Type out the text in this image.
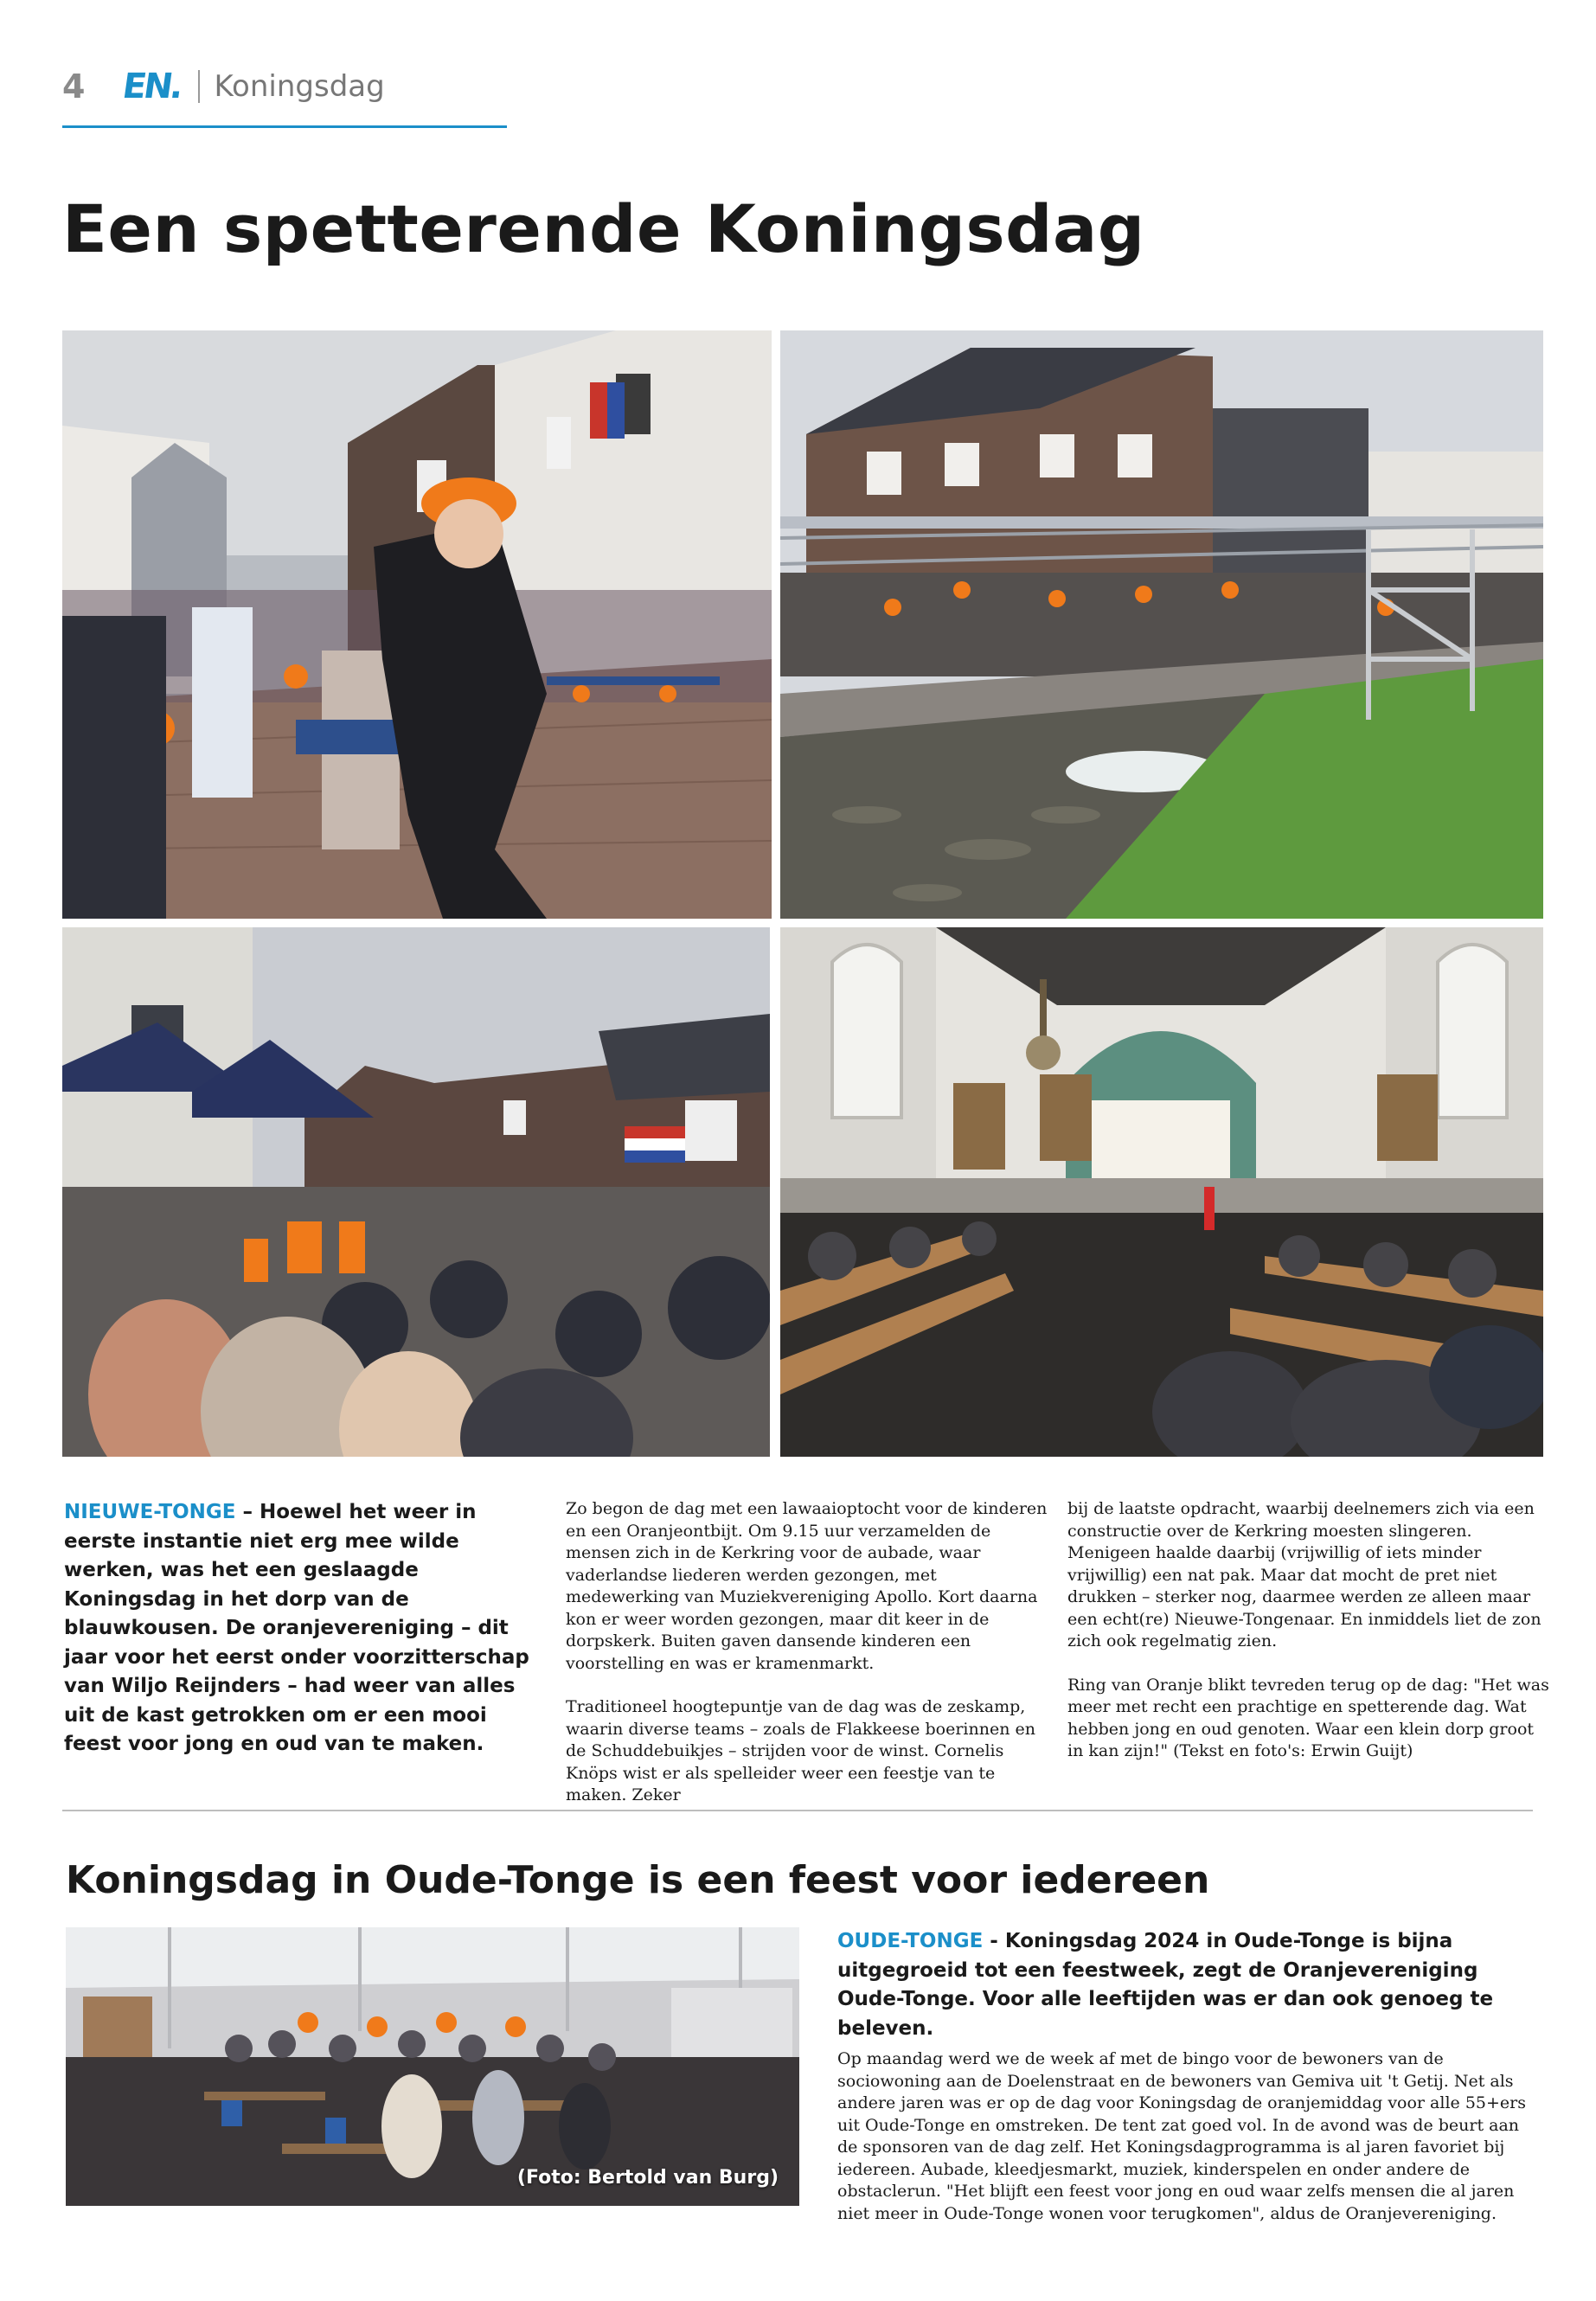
4 EN. Koningsdag
Een spetterende Koningsdag
NIEUWE-TONGE – Hoewel het weer in eerste instantie niet erg mee wilde werken, was het een geslaagde Koningsdag in het dorp van de blauwkousen. De oranjevereniging – dit jaar voor het eerst onder voorzitterschap van Wiljo Reijnders – had weer van alles uit de kast getrokken om er een mooi feest voor jong en oud van te maken.

Zo begon de dag met een lawaaioptocht voor de kinderen en een Oranjeontbijt. Om 9.15 uur verzamelden de mensen zich in de Kerkring voor de aubade, waar vaderlandse liederen werden gezongen, met medewerking van Muziekvereniging Apollo. Kort daarna kon er weer worden gezongen, maar dit keer in de dorpskerk. Buiten gaven dansende kinderen een voorstelling en was er kramenmarkt.

Traditioneel hoogtepuntje van de dag was de zeskamp, waarin diverse teams – zoals de Flakkeese boerinnen en de Schuddebuikjes – strijden voor de winst. Cornelis Knöps wist er als spelleider weer een feestje van te maken. Zeker

bij de laatste opdracht, waarbij deelnemers zich via een constructie over de Kerkring moesten slingeren. Menigeen haalde daarbij (vrijwillig of iets minder vrijwillig) een nat pak. Maar dat mocht de pret niet drukken – sterker nog, daarmee werden ze alleen maar een echt(re) Nieuwe-Tongenaar. En inmiddels liet de zon zich ook regelmatig zien.

Ring van Oranje blikt tevreden terug op de dag: "Het was meer met recht een prachtige en spetterende dag. Wat hebben jong en oud genoten. Waar een klein dorp groot in kan zijn!" (Tekst en foto's: Erwin Guijt)

Koningsdag in Oude-Tonge is een feest voor iedereen
(Foto: Bertold van Burg)
OUDE-TONGE - Koningsdag 2024 in Oude-Tonge is bijna uitgegroeid tot een feestweek, zegt de Oranjevereniging Oude-Tonge. Voor alle leeftijden was er dan ook genoeg te beleven.
Op maandag werd we de week af met de bingo voor de bewoners van de sociowoning aan de Doelenstraat en de bewoners van Gemiva uit 't Getij. Net als andere jaren was er op de dag voor Koningsdag de oranjemiddag voor alle 55+ers uit Oude-Tonge en omstreken. De tent zat goed vol. In de avond was de beurt aan de sponsoren van de dag zelf. Het Koningsdagprogramma is al jaren favoriet bij iedereen. Aubade, kleedjesmarkt, muziek, kinderspelen en onder andere de obstaclerun. "Het blijft een feest voor jong en oud waar zelfs mensen die al jaren niet meer in Oude-Tonge wonen voor terugkomen", aldus de Oranjevereniging.
